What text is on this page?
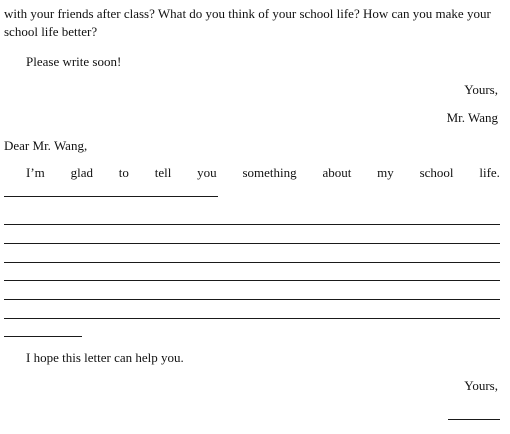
with your friends after class? What do you think of your school life? How can you make your
school life better?
Please write soon!
Yours,
Mr. Wang
Dear Mr. Wang,
I’m glad to tell you something about my school life.
I hope this letter can help you.
Yours,
